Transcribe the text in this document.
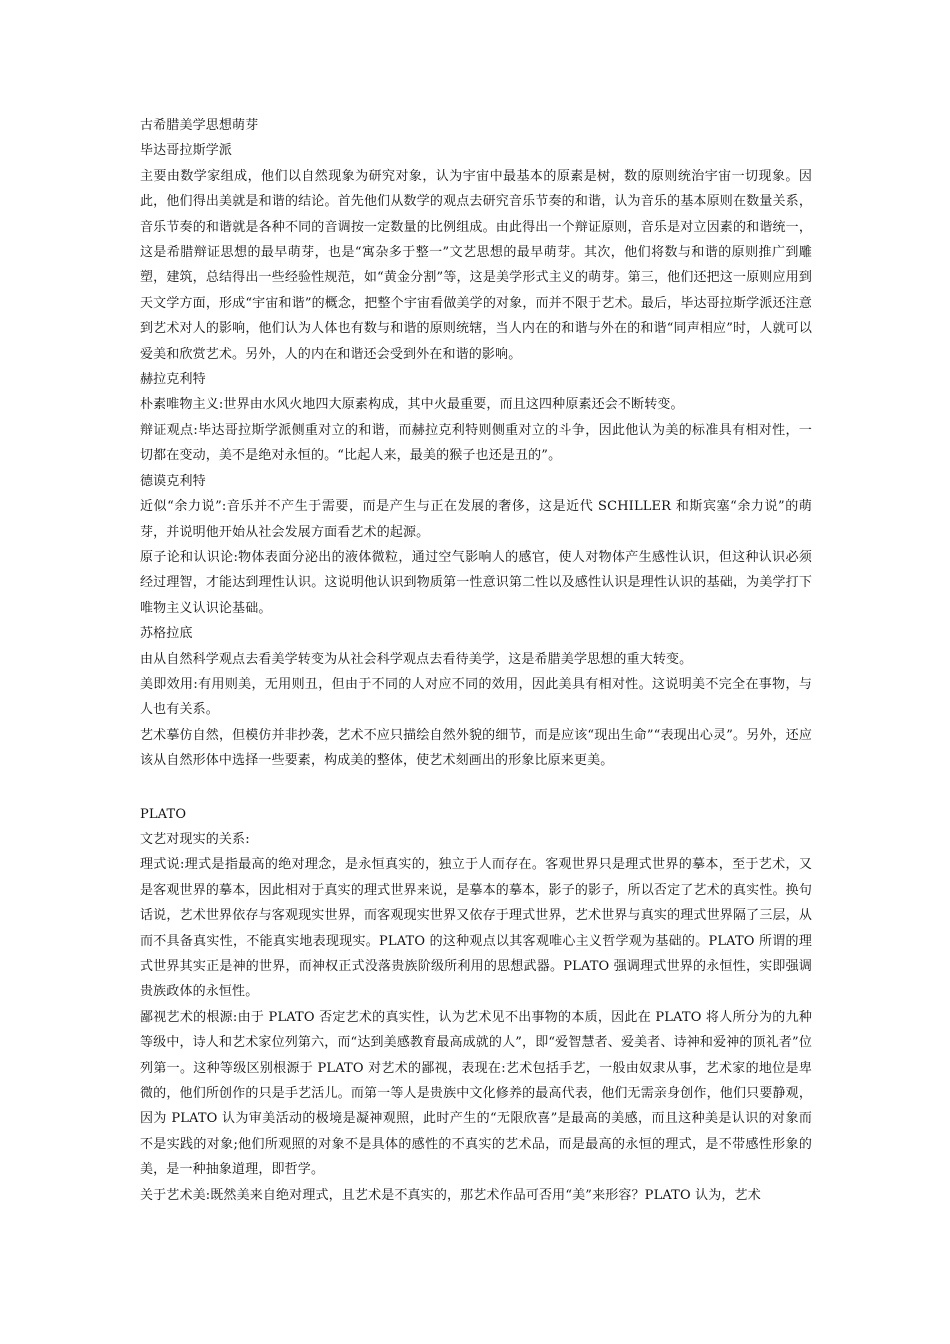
古希腊美学思想萌芽

毕达哥拉斯学派

主要由数学家组成，他们以自然现象为研究对象，认为宇宙中最基本的原素是树，数的原则统治宇宙一切现象。因此，他们得出美就是和谐的结论。首先他们从数学的观点去研究音乐节奏的和谐，认为音乐的基本原则在数量关系，音乐节奏的和谐就是各种不同的音调按一定数量的比例组成。由此得出一个辩证原则，音乐是对立因素的和谐统一，这是希腊辩证思想的最早萌芽，也是“寓杂多于整一”文艺思想的最早萌芽。其次，他们将数与和谐的原则推广到雕塑，建筑，总结得出一些经验性规范，如“黄金分割”等，这是美学形式主义的萌芽。第三，他们还把这一原则应用到天文学方面，形成“宇宙和谐”的概念，把整个宇宙看做美学的对象，而并不限于艺术。最后，毕达哥拉斯学派还注意到艺术对人的影响，他们认为人体也有数与和谐的原则统辖，当人内在的和谐与外在的和谐“同声相应”时，人就可以爱美和欣赏艺术。另外，人的内在和谐还会受到外在和谐的影响。

赫拉克利特

朴素唯物主义:世界由水风火地四大原素构成，其中火最重要，而且这四种原素还会不断转变。

辩证观点:毕达哥拉斯学派侧重对立的和谐，而赫拉克利特则侧重对立的斗争，因此他认为美的标准具有相对性，一切都在变动，美不是绝对永恒的。“比起人来，最美的猴子也还是丑的”。

德谟克利特

近似“余力说”:音乐并不产生于需要，而是产生与正在发展的奢侈，这是近代 SCHILLER 和斯宾塞“余力说”的萌芽，并说明他开始从社会发展方面看艺术的起源。

原子论和认识论:物体表面分泌出的液体微粒，通过空气影响人的感官，使人对物体产生感性认识，但这种认识必须经过理智，才能达到理性认识。这说明他认识到物质第一性意识第二性以及感性认识是理性认识的基础，为美学打下唯物主义认识论基础。

苏格拉底

由从自然科学观点去看美学转变为从社会科学观点去看待美学，这是希腊美学思想的重大转变。

美即效用:有用则美，无用则丑，但由于不同的人对应不同的效用，因此美具有相对性。这说明美不完全在事物，与人也有关系。

艺术摹仿自然，但模仿并非抄袭，艺术不应只描绘自然外貌的细节，而是应该“现出生命”“表现出心灵”。另外，还应该从自然形体中选择一些要素，构成美的整体，使艺术刻画出的形象比原来更美。

PLATO

文艺对现实的关系:

理式说:理式是指最高的绝对理念，是永恒真实的，独立于人而存在。客观世界只是理式世界的摹本，至于艺术，又是客观世界的摹本，因此相对于真实的理式世界来说，是摹本的摹本，影子的影子，所以否定了艺术的真实性。换句话说，艺术世界依存与客观现实世界，而客观现实世界又依存于理式世界，艺术世界与真实的理式世界隔了三层，从而不具备真实性，不能真实地表现现实。PLATO 的这种观点以其客观唯心主义哲学观为基础的。PLATO 所谓的理式世界其实正是神的世界，而神权正式没落贵族阶级所利用的思想武器。PLATO 强调理式世界的永恒性，实即强调贵族政体的永恒性。

鄙视艺术的根源:由于 PLATO 否定艺术的真实性，认为艺术见不出事物的本质，因此在 PLATO 将人所分为的九种等级中，诗人和艺术家位列第六，而“达到美感教育最高成就的人”，即“爱智慧者、爱美者、诗神和爱神的顶礼者”位列第一。这种等级区别根源于 PLATO 对艺术的鄙视，表现在:艺术包括手艺，一般由奴隶从事，艺术家的地位是卑微的，他们所创作的只是手艺活儿。而第一等人是贵族中文化修养的最高代表，他们无需亲身创作，他们只要静观，因为 PLATO 认为审美活动的极境是凝神观照，此时产生的“无限欣喜”是最高的美感，而且这种美是认识的对象而不是实践的对象;他们所观照的对象不是具体的感性的不真实的艺术品，而是最高的永恒的理式，是不带感性形象的美，是一种抽象道理，即哲学。

关于艺术美:既然美来自绝对理式，且艺术是不真实的，那艺术作品可否用“美”来形容？PLATO 认为，艺术
